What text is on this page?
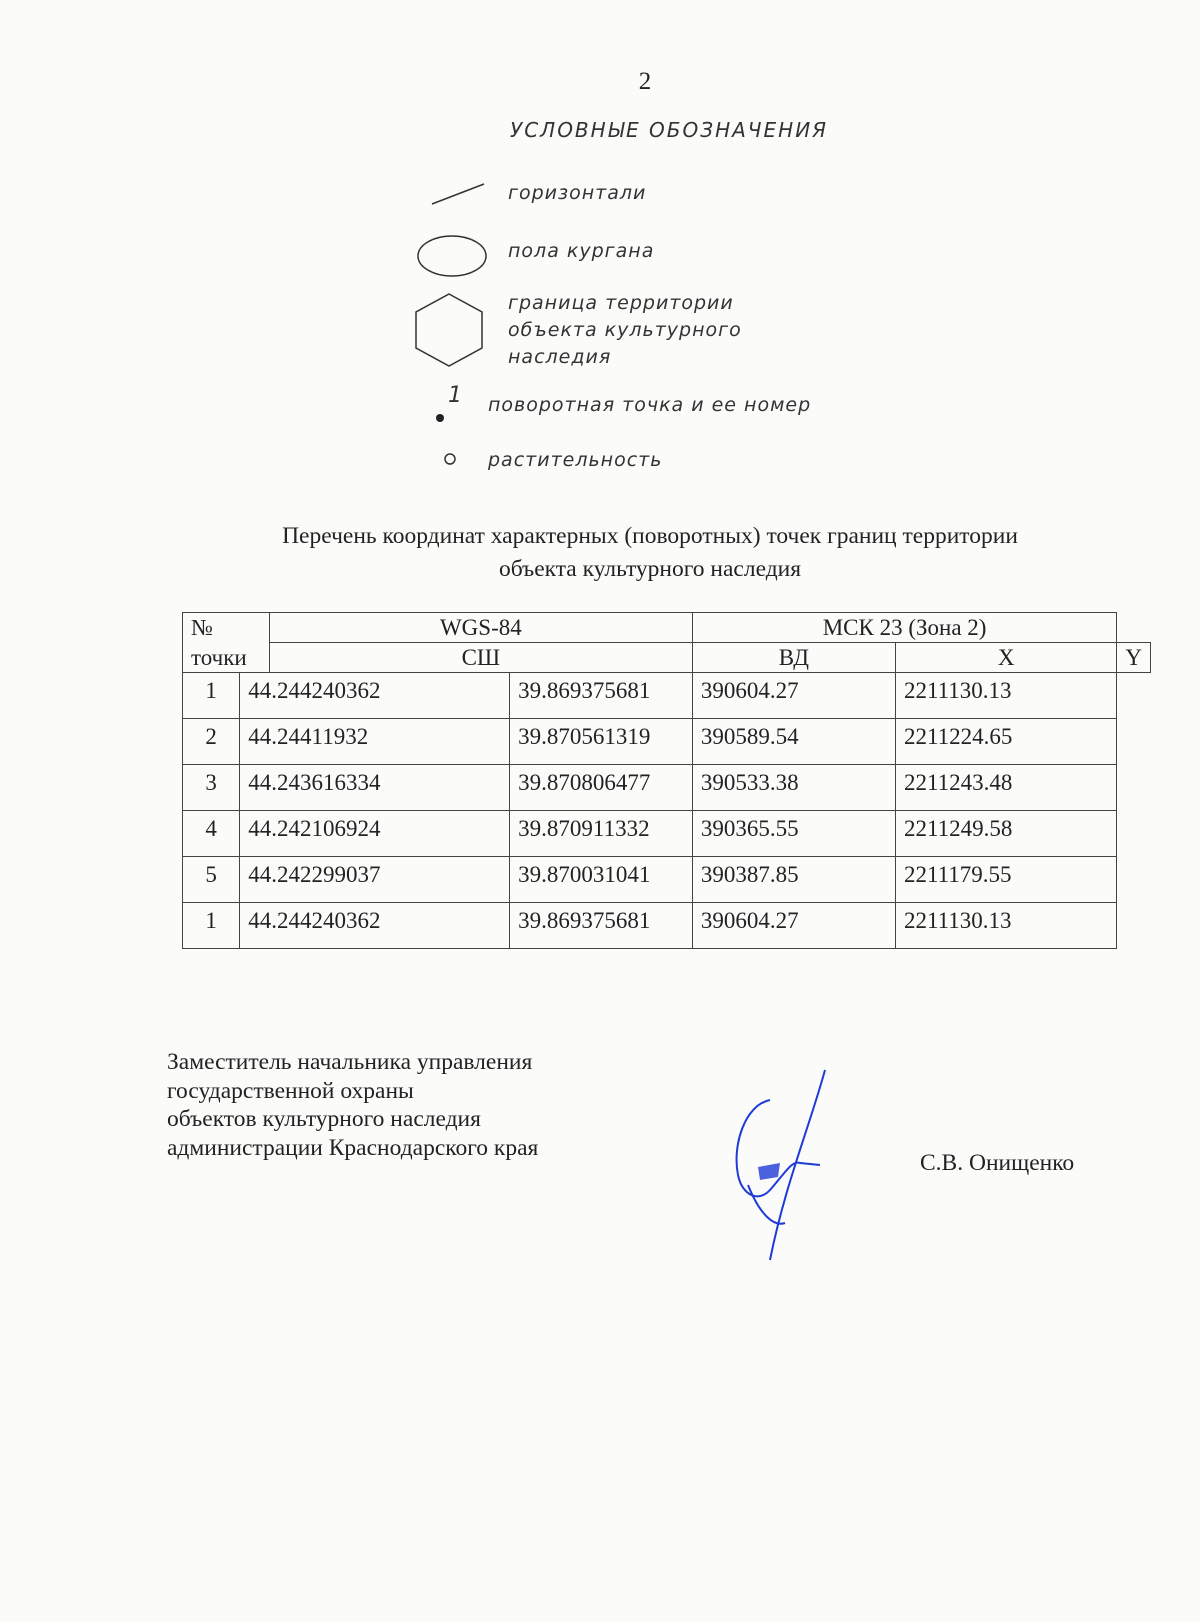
2
УСЛОВНЫЕ ОБОЗНАЧЕНИЯ
горизонтали
пола кургана
граница территории
объекта культурного
наследия
1 поворотная точка и ее номер
растительность
Перечень координат характерных (поворотных) точек границ территории
объекта культурного наследия
№		WGS-84		МСК 23 (Зона 2)		
точки		СШ		ВД	X	Y
1	44.244240362		39.869375681	390604.27	2211130.13	
2	44.24411932		39.870561319	390589.54	2211224.65	
3	44.243616334		39.870806477	390533.38	2211243.48	
4	44.242106924		39.870911332	390365.55	2211249.58	
5	44.242299037		39.870031041	390387.85	2211179.55	
1	44.244240362		39.869375681	390604.27	2211130.13	
Заместитель начальника управления
государственной охраны
объектов культурного наследия
администрации Краснодарского края
С.В. Онищенко
